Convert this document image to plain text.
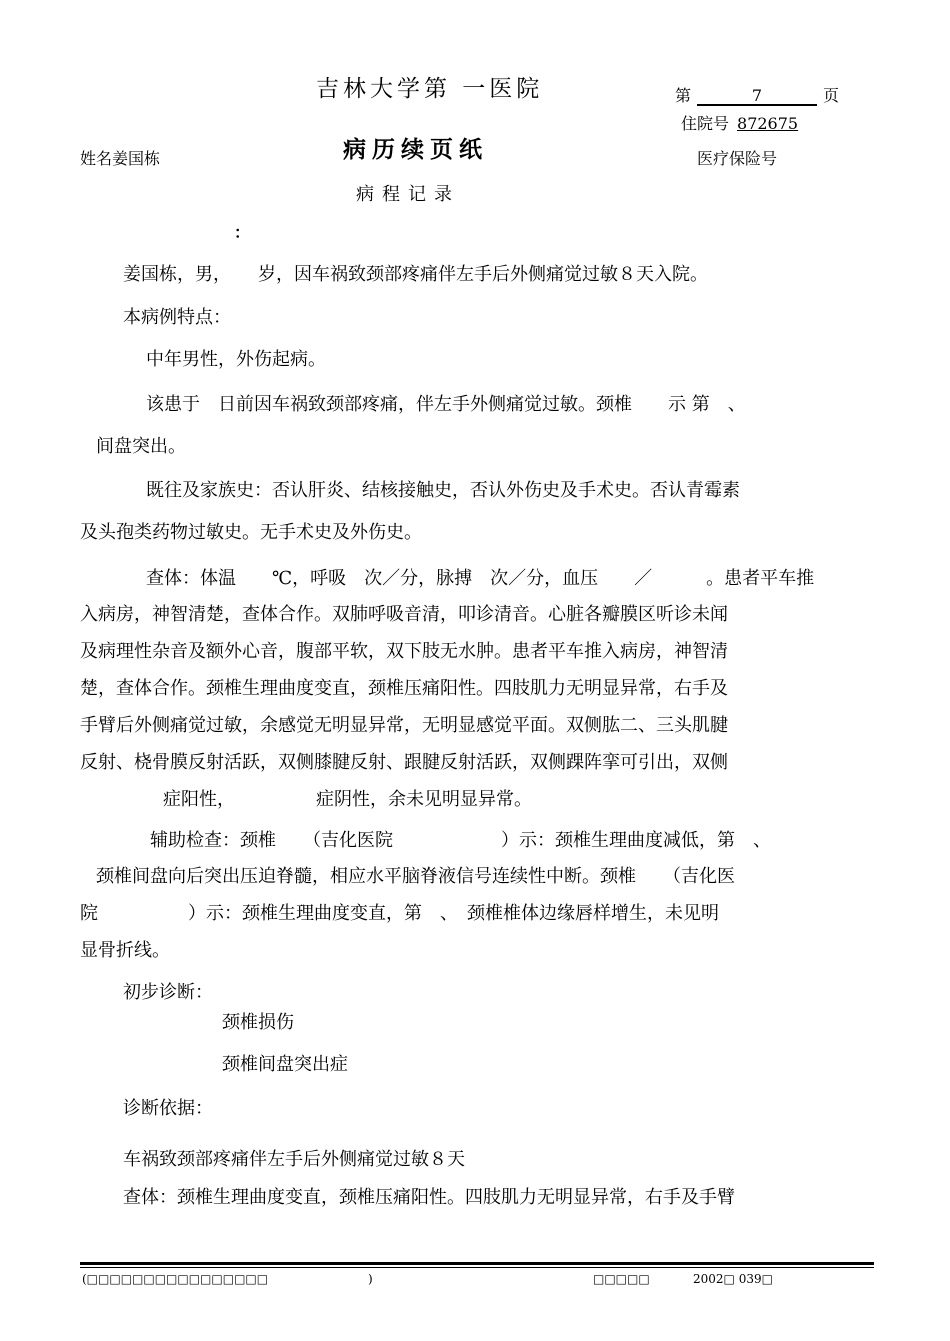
吉林大学第 一医院
病历续页纸
病程记录
第	7	页
住院号 872675
医疗保险号
姓名姜国栋
：
姜国栋，男，　　岁，因车祸致颈部疼痛伴左手后外侧痛觉过敏８天入院。
本病例特点：
中年男性，外伤起病。
该患于　日前因车祸致颈部疼痛，伴左手外侧痛觉过敏。颈椎　　示 第　、
间盘突出。
既往及家族史：否认肝炎、结核接触史，否认外伤史及手术史。否认青霉素
及头孢类药物过敏史。无手术史及外伤史。
查体：体温　　℃，呼吸　次／分，脉搏　次／分，血压　　／　　　。患者平车推
入病房，神智清楚，查体合作。双肺呼吸音清，叩诊清音。心脏各瓣膜区听诊未闻
及病理性杂音及额外心音，腹部平软，双下肢无水肿。患者平车推入病房，神智清
楚，查体合作。颈椎生理曲度变直，颈椎压痛阳性。四肢肌力无明显异常，右手及
手臂后外侧痛觉过敏，余感觉无明显异常，无明显感觉平面。双侧肱二、三头肌腱
反射、桡骨膜反射活跃，双侧膝腱反射、跟腱反射活跃，双侧踝阵挛可引出，双侧
症阳性，　　　　　症阴性，余未见明显异常。
辅助检查：颈椎　　（吉化医院　　　　　　）示：颈椎生理曲度减低，第　、
颈椎间盘向后突出压迫脊髓，相应水平脑脊液信号连续性中断。颈椎　　（吉化医
院　　　　　）示：颈椎生理曲度变直，第　、　颈椎椎体边缘唇样增生，未见明
显骨折线。
初步诊断：
颈椎损伤
颈椎间盘突出症
诊断依据：
车祸致颈部疼痛伴左手后外侧痛觉过敏８天
查体：颈椎生理曲度变直，颈椎压痛阳性。四肢肌力无明显异常，右手及手臂
(□□□□□□□□□□□□□□□□	)	□□□□□	2002□ 039□
